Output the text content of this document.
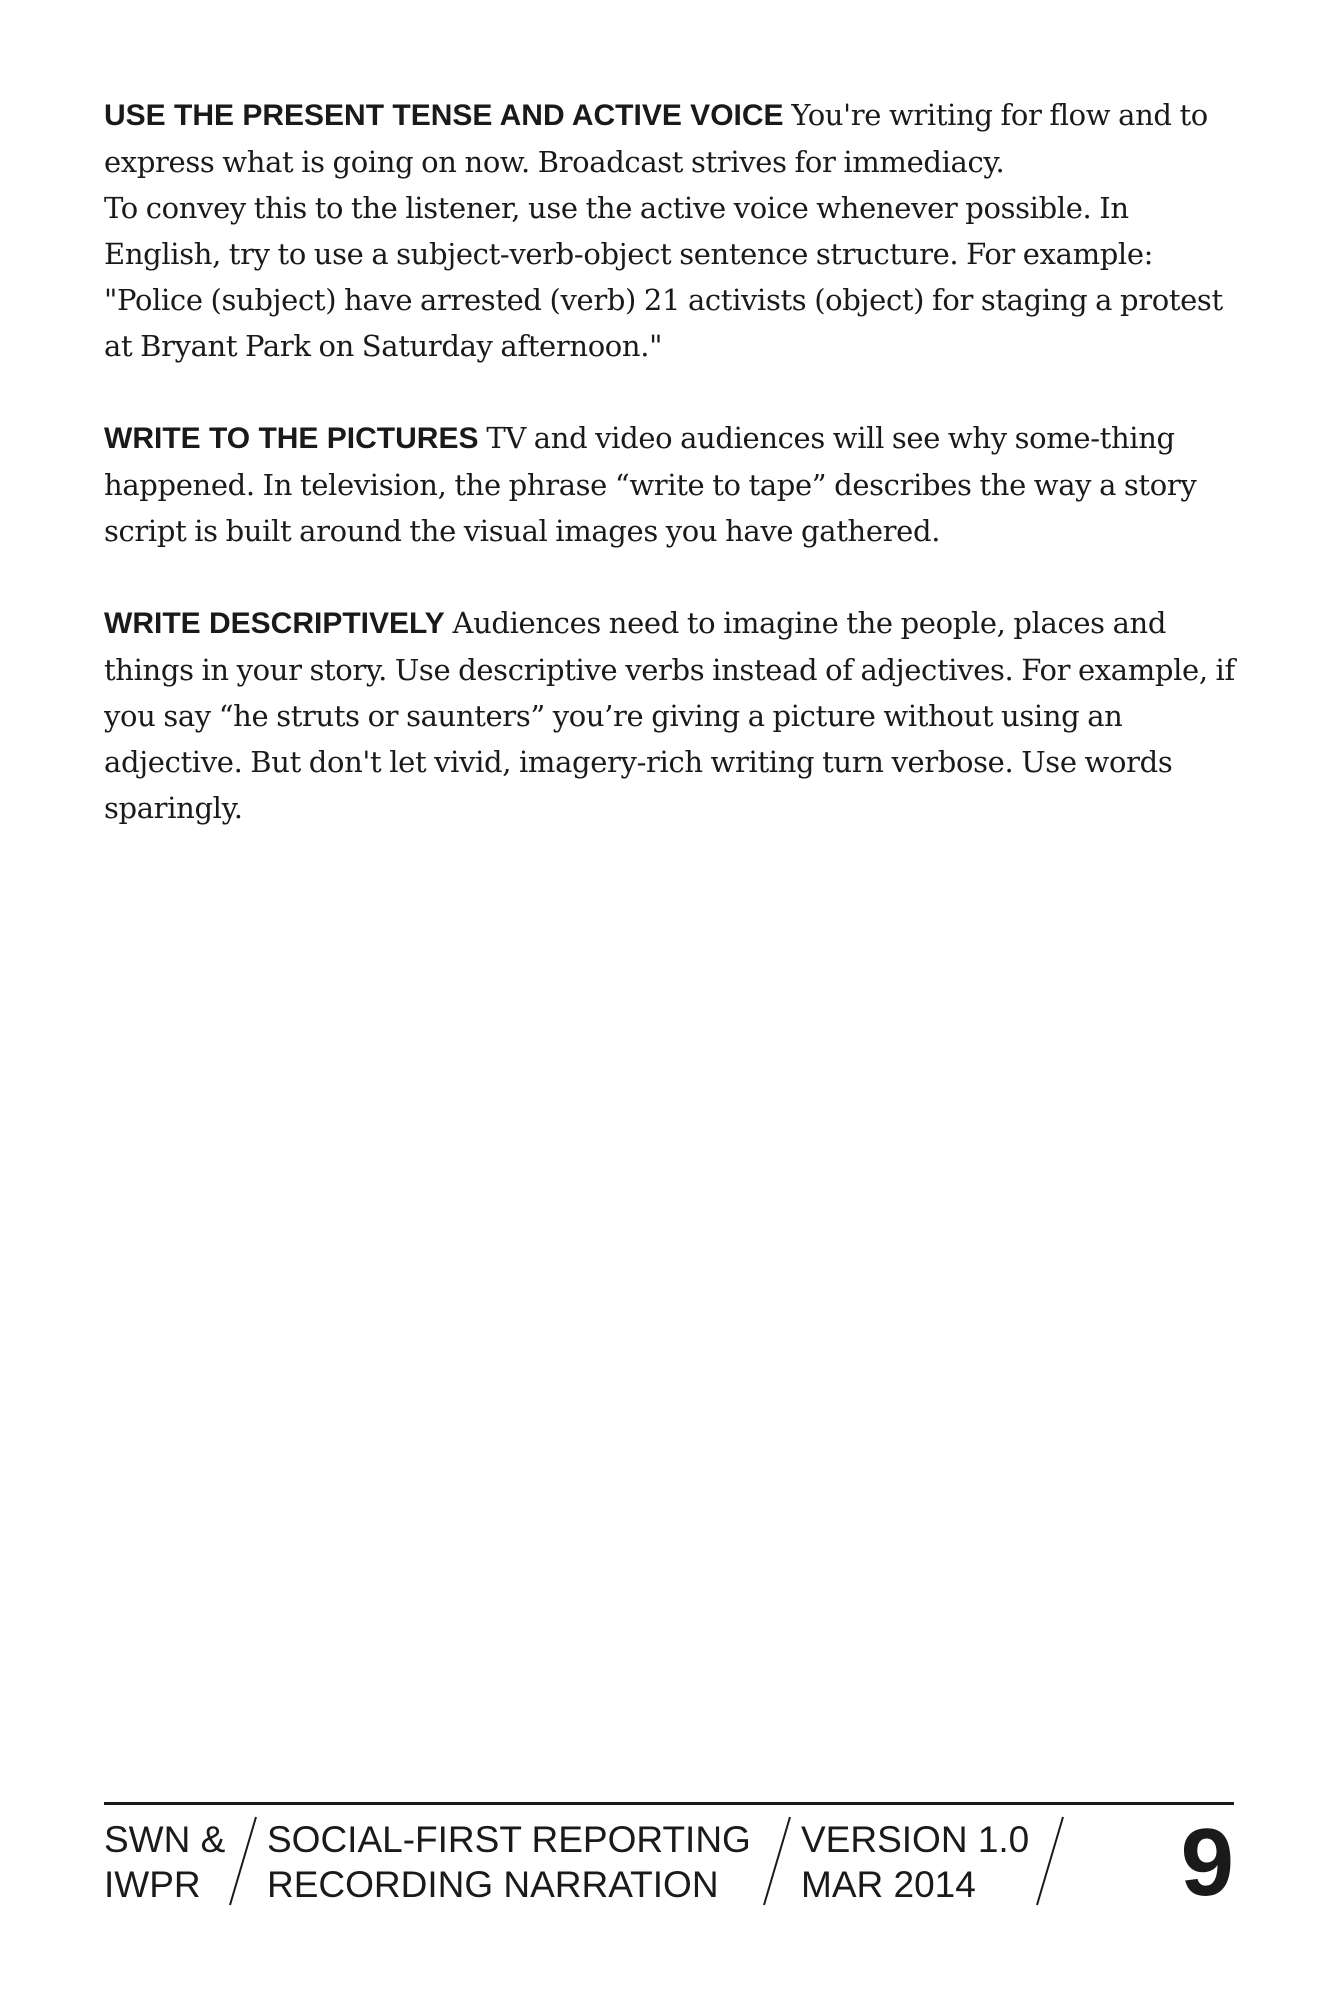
USE THE PRESENT TENSE AND ACTIVE VOICE You're writing for flow and to express what is going on now. Broadcast strives for immediacy.
To convey this to the listener, use the active voice whenever possible. In English, try to use a subject-verb-object sentence structure. For example: "Police (subject) have arrested (verb) 21 activists (object) for staging a protest at Bryant Park on Saturday afternoon."

WRITE TO THE PICTURES TV and video audiences will see why some-thing happened. In television, the phrase “write to tape” describes the way a story script is built around the visual images you have gathered.

WRITE DESCRIPTIVELY Audiences need to imagine the people, places and things in your story. Use descriptive verbs instead of adjectives. For example, if you say “he struts or saunters” you’re giving a picture without using an adjective. But don't let vivid, imagery-rich writing turn verbose. Use words sparingly.

SWN &
IWPR
SOCIAL-FIRST REPORTING
RECORDING NARRATION
VERSION 1.0
MAR 2014	9
